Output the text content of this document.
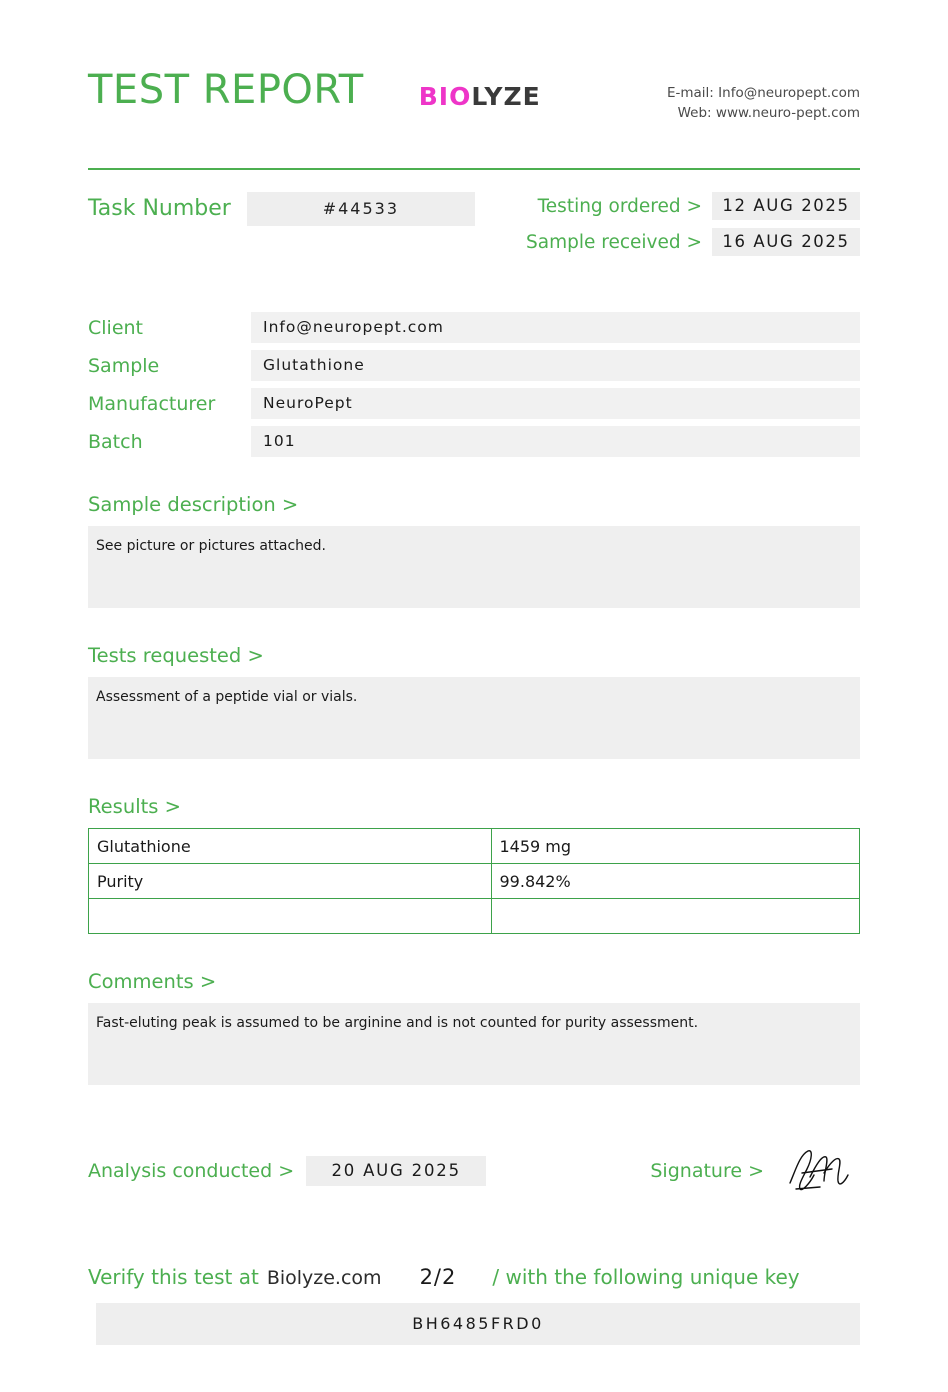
TEST REPORT BIOLYZE	E-mail: Info@neuropept.com
Web: www.neuro-pept.com
Task Number	#44533	Testing ordered >	12 AUG 2025
Sample received >	16 AUG 2025
Client	Info@neuropept.com
Sample	Glutathione
Manufacturer	NeuroPept
Batch	101
Sample description >
See picture or pictures attached.
Tests requested >
Assessment of a peptide vial or vials.
Results >
Glutathione	1459 mg
Purity	99.842%

Comments >
Fast-eluting peak is assumed to be arginine and is not counted for purity assessment.
Analysis conducted >	20 AUG 2025	Signature >
Verify this test at Biolyze.com 2/2 / with the following unique key
BH6485FRD0
